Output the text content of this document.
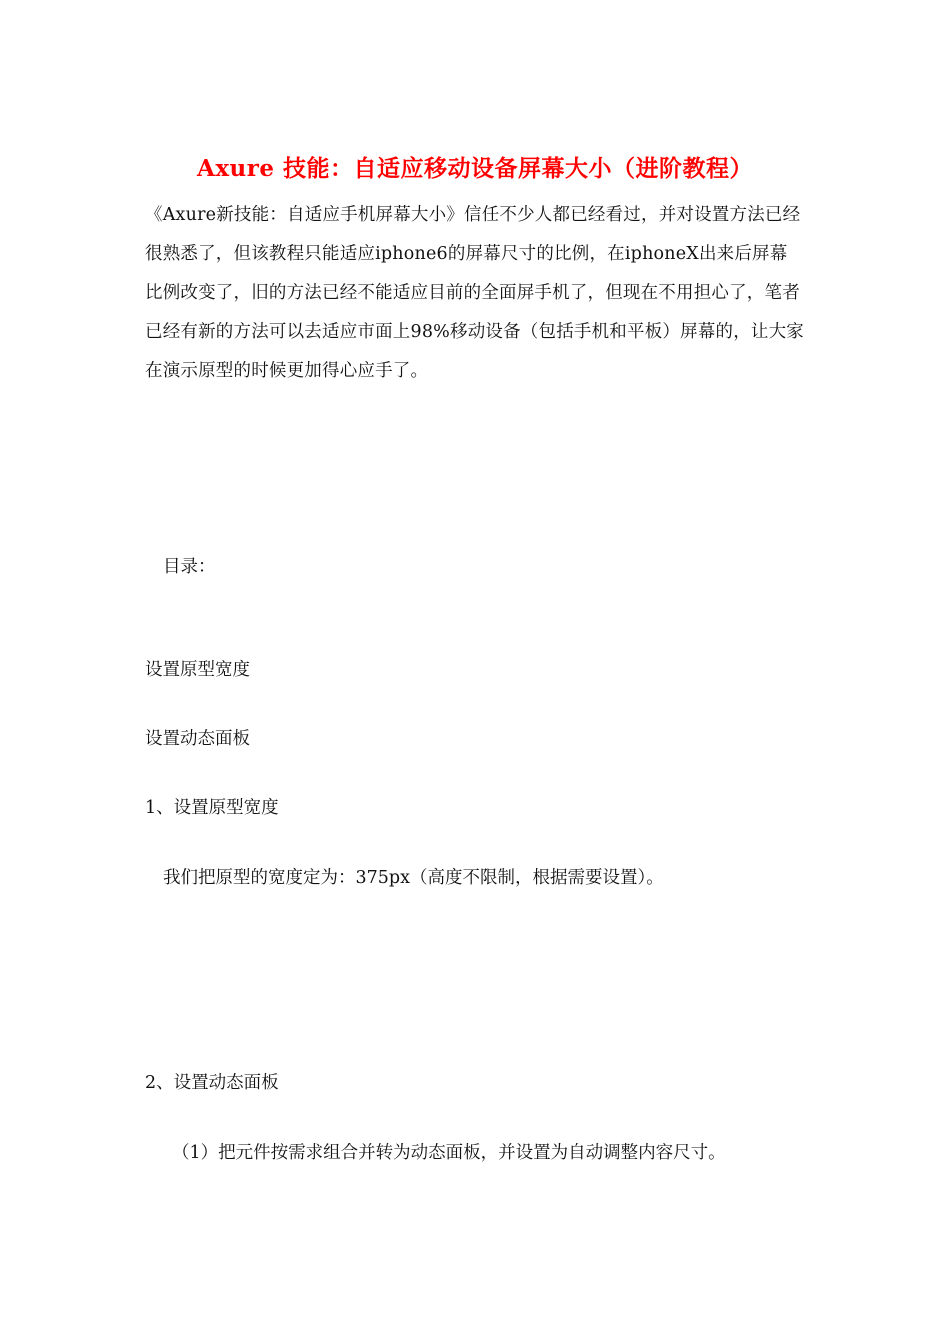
Axure 技能：自适应移动设备屏幕大小（进阶教程）
《Axure新技能：自适应手机屏幕大小》信任不少人都已经看过，并对设置方法已经很熟悉了，但该教程只能适应iphone6的屏幕尺寸的比例，在iphoneX出来后屏幕比例改变了，旧的方法已经不能适应目前的全面屏手机了，但现在不用担心了，笔者已经有新的方法可以去适应市面上98%移动设备（包括手机和平板）屏幕的，让大家在演示原型的时候更加得心应手了。
目录：
设置原型宽度
设置动态面板
1、设置原型宽度
我们把原型的宽度定为：375px（高度不限制，根据需要设置）。
2、设置动态面板
（1）把元件按需求组合并转为动态面板，并设置为自动调整内容尺寸。
